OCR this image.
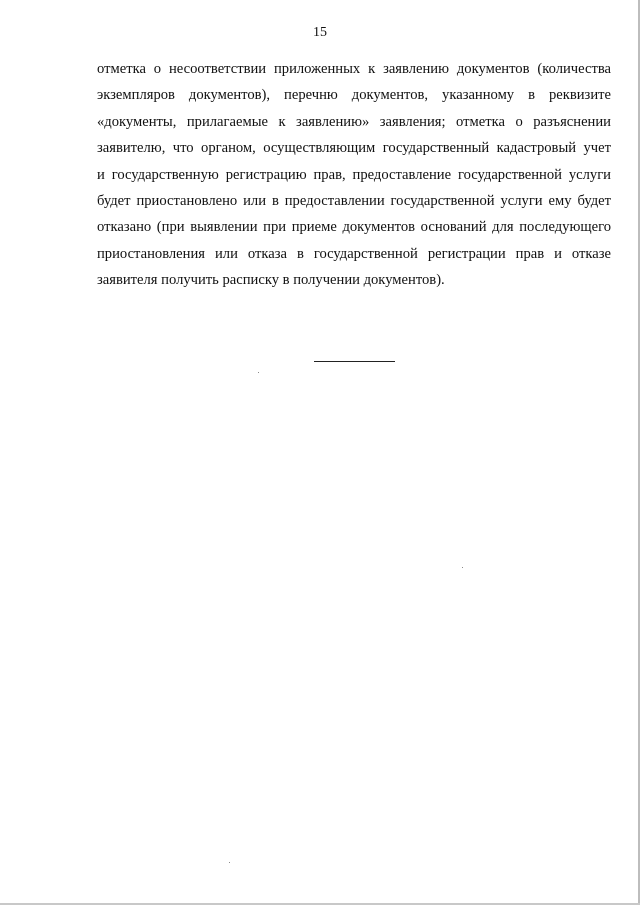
15
отметка о несоответствии приложенных к заявлению документов (количества
экземпляров документов), перечню документов, указанному в реквизите
«документы, прилагаемые к заявлению» заявления; отметка о разъяснении
заявителю, что органом, осуществляющим государственный кадастровый учет
и государственную регистрацию прав, предоставление государственной услуги
будет приостановлено или в предоставлении государственной услуги ему будет
отказано (при выявлении при приеме документов оснований для последующего
приостановления или отказа в государственной регистрации прав и отказе
заявителя получить расписку в получении документов).
